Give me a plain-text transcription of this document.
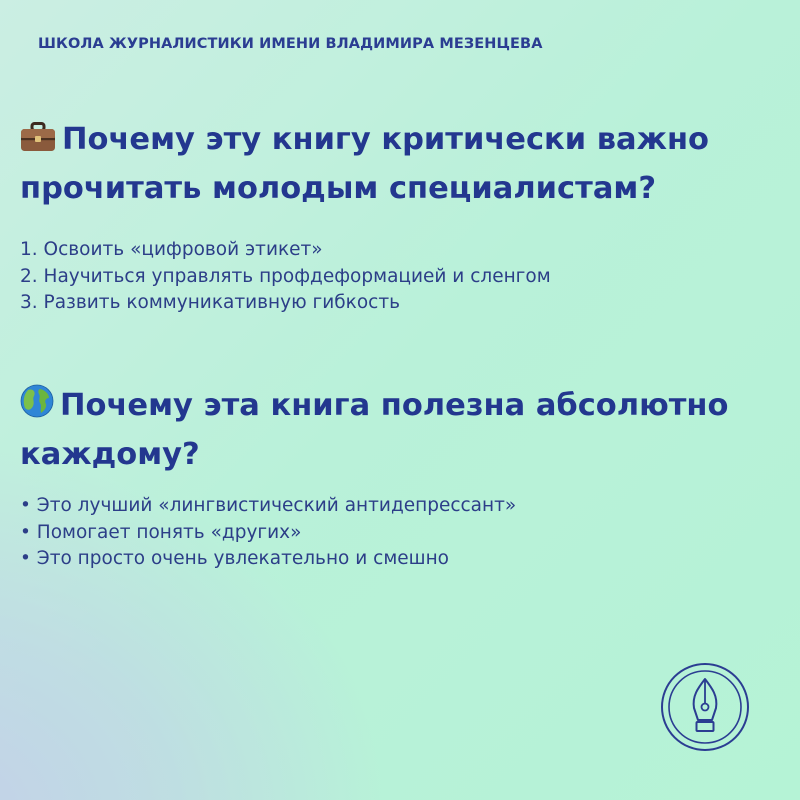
ШКОЛА ЖУРНАЛИСТИКИ ИМЕНИ ВЛАДИМИРА МЕЗЕНЦЕВА
Почему эту книгу критически важно
прочитать молодым специалистам?
1. Освоить «цифровой этикет»
2. Научиться управлять профдеформацией и сленгом
3. Развить коммуникативную гибкость
Почему эта книга полезна абсолютно
каждому?
• Это лучший «лингвистический антидепрессант»
• Помогает понять «других»
• Это просто очень увлекательно и смешно
